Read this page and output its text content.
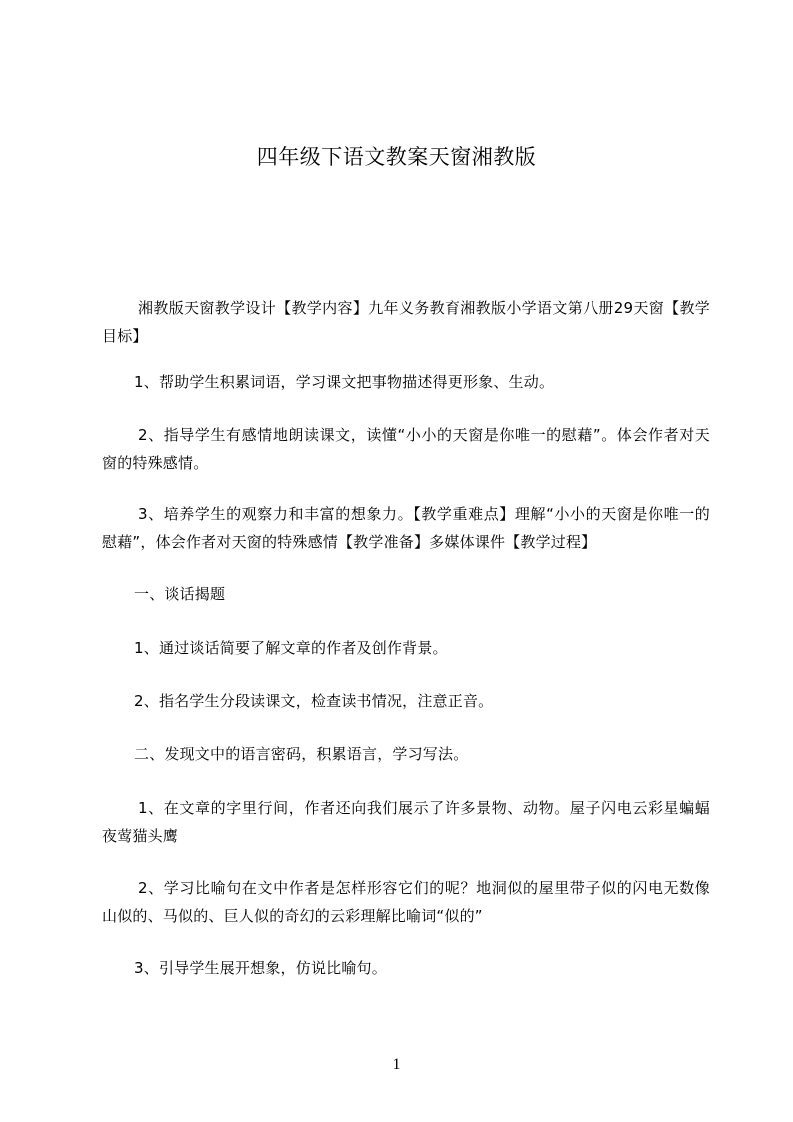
四年级下语文教案天窗湘教版
湘教版天窗教学设计【教学内容】九年义务教育湘教版小学语文第八册29天窗【教学目标】
1、帮助学生积累词语，学习课文把事物描述得更形象、生动。
2、指导学生有感情地朗读课文，读懂“小小的天窗是你唯一的慰藉”。体会作者对天窗的特殊感情。
3、培养学生的观察力和丰富的想象力。【教学重难点】理解“小小的天窗是你唯一的慰藉”，体会作者对天窗的特殊感情【教学准备】多媒体课件【教学过程】
一、谈话揭题
1、通过谈话简要了解文章的作者及创作背景。
2、指名学生分段读课文，检查读书情况，注意正音。
二、发现文中的语言密码，积累语言，学习写法。
1、在文章的字里行间，作者还向我们展示了许多景物、动物。屋子闪电云彩星蝙蝠夜莺猫头鹰
2、学习比喻句在文中作者是怎样形容它们的呢？地洞似的屋里带子似的闪电无数像山似的、马似的、巨人似的奇幻的云彩理解比喻词“似的”
3、引导学生展开想象，仿说比喻句。
1
